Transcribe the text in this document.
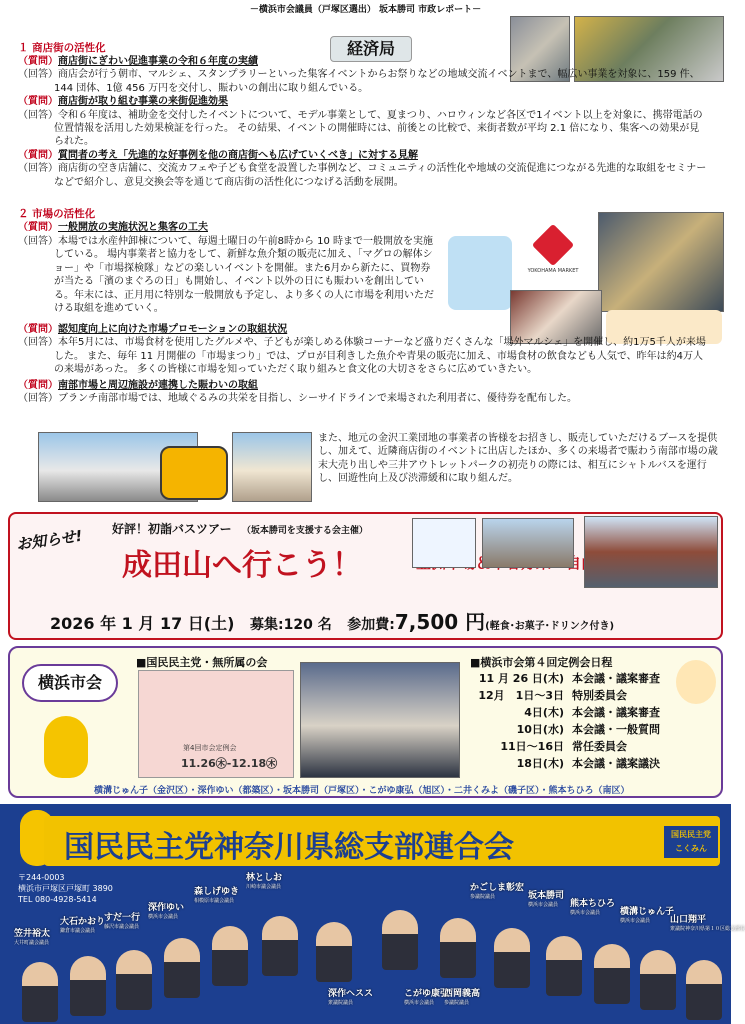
－横浜市会議員（戸塚区選出） 坂本勝司 市政レポート－
経済局
１ 商店街の活性化
（質問）商店街にぎわい促進事業の令和６年度の実績
（回答）商店会が行う朝市、マルシェ、スタンプラリーといった集客イベントからお祭りなどの地域交流イベントまで、幅広い事業を対象に、159 件、144 団体、1億 456 万円を交付し、賑わいの創出に取り組んでいる。
（質問）商店街が取り組む事業の来街促進効果
（回答）令和６年度は、補助金を交付したイベントについて、モデル事業として、夏まつり、ハロウィンなど各区で1イベント以上を対象に、携帯電話の位置情報を活用した効果検証を行った。 その結果、イベントの開催時には、前後との比較で、来街者数が平均 2.1 倍になり、集客への効果が見られた。
（質問）質問者の考え「先進的な好事例を他の商店街へも広げていくべき」に対する見解
（回答）商店街の空き店舗に、交流カフェや子ども食堂を設置した事例など、コミュニティの活性化や地域の交流促進につながる先進的な取組をセミナーなどで紹介し、意見交換会等を通じて商店街の活性化につなげる活動を展開。
２ 市場の活性化
（質問）一般開放の実施状況と集客の工夫
（回答）本場では水産仲卸棟について、毎週土曜日の午前8時から 10 時まで一般開放を実施している。 場内事業者と協力をして、新鮮な魚介類の販売に加え、「マグロの解体ショー」や「市場探検隊」などの楽しいイベントを開催。また6月から新たに、買物券が当たる「濱のまぐろの日」も開始し、イベント以外の日にも賑わいを創出している。年末には、正月用に特別な一般開放も予定し、より多くの人に市場を利用いただける取組を進めていく。
YOKOHAMA MARKET
（質問）認知度向上に向けた市場プロモーションの取組状況
（回答）本年5月には、市場食材を使用したグルメや、子どもが楽しめる体験コーナーなど盛りだくさんな「場外マルシェ」を開催し、約1万5千人が来場した。 また、毎年 11 月開催の「市場まつり」では、プロが目利きした魚介や青果の販売に加え、市場食材の飲食なども人気で、昨年は約4万人の来場があった。 多くの皆様に市場を知っていただく取り組みと食文化の大切さをさらに広めていきたい。
（質問）南部市場と周辺施設が連携した賑わいの取組
（回答）ブランチ南部市場では、地域ぐるみの共栄を目指し、シーサイドラインで来場された利用者に、優待券を配布した。
また、地元の金沢工業団地の事業者の皆様をお招きし、販売していただけるブースを提供し、加えて、近隣商店街のイベントに出店したほか、多くの来場者で賑わう南部市場の歳末大売り出しや三井アウトレットパークの初売りの際には、相互にシャトルバスを運行し、回遊性向上及び渋滞緩和に取り組んだ。
お知らせ!	好評！初詣バスツアー （坂本勝司を支援する会主催）
成田山へ行こう！
2026 年 1 月 17 日(土) 募集:120 名 参加費:7,500 円(軽食･お菓子･ドリンク付き)
横浜市会
■国民民主党・無所属の会
第4回市会定例会
11.26㊍-12.18㊍
■横浜市会第４回定例会日程
11 月 26 日(木) 本会議・議案審査
12月　1日～3日 特別委員会
4日(木) 本会議・議案審査
10日(水) 本会議・一般質問
11日～16日 常任委員会
18日(木) 本会議・議案議決
横溝じゅん子（金沢区）・深作ゆい（都築区）・坂本勝司（戸塚区）・こがゆ康弘（旭区）・二井くみよ（磯子区）・熊本ちひろ（南区）
国民民主党神奈川県総支部連合会	国民民主党
こくみん
〒244-0003
横浜市戸塚区戸塚町 3890
TEL 080-4928-5414
笠井裕太
大井町議会議員
大石かおり
鎌倉市議会議員
すだ一行
藤沢市議会議員
深作ゆい
横浜市会議員
森しげゆき
相模原市議会議員
林としお
川崎市議会議員
深作ヘスス
衆議院議員
こがゆ康弘
横浜市会議員
西岡義高
参議院議員
かごしま彰宏
参議院議員	坂本勝司
横浜市会議員	熊本ちひろ
横浜市会議員	横溝じゅん子
横浜市会議員	山口翔平
衆議院神奈川県第１０区総支部長
